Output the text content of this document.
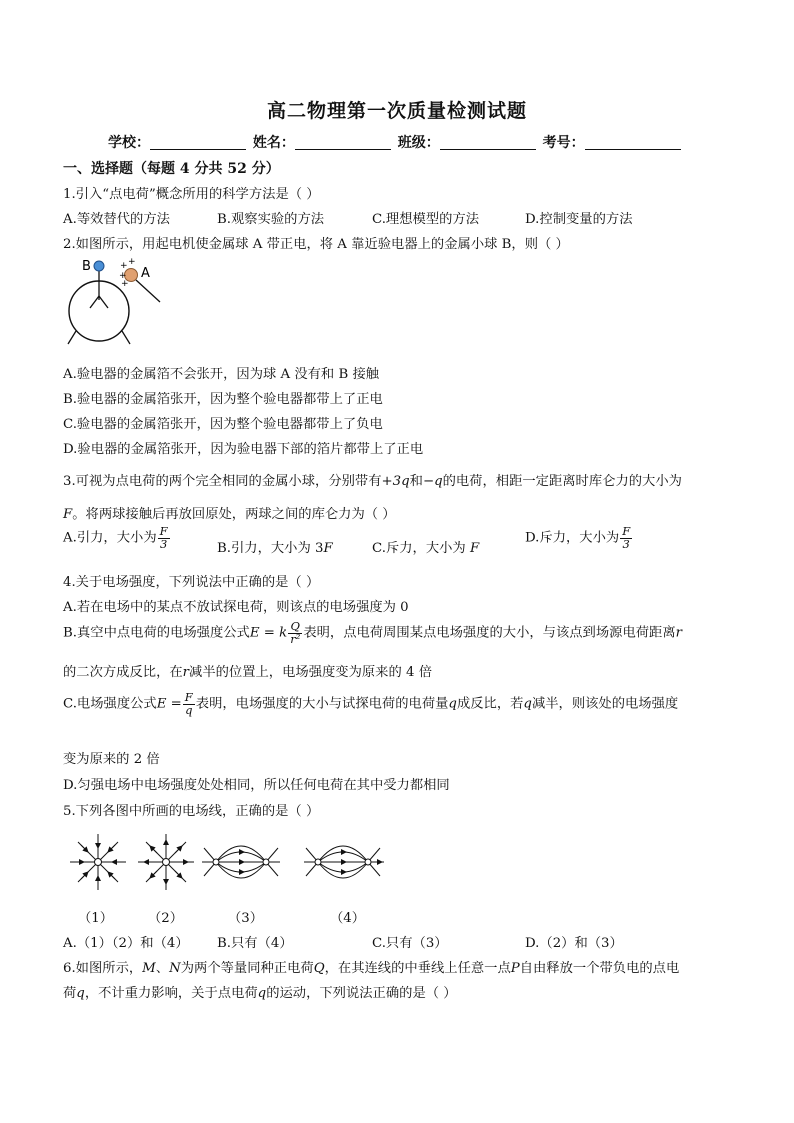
高二物理第一次质量检测试题
学校：	姓名：	班级：	考号：
一、选择题（每题 4 分共 52 分）
1.引入“点电荷”概念所用的科学方法是（ ）
A.等效替代的方法	B.观察实验的方法	C.理想模型的方法	D.控制变量的方法
2.如图所示，用起电机使金属球 A 带正电，将 A 靠近验电器上的金属小球 B，则（ ）
+ +
+
+
B	A
A.验电器的金属箔不会张开，因为球 A 没有和 B 接触
B.验电器的金属箔张开，因为整个验电器都带上了正电
C.验电器的金属箔张开，因为整个验电器都带上了负电
D.验电器的金属箔张开，因为验电器下部的箔片都带上了正电
3.可视为点电荷的两个完全相同的金属小球，分别带有+3q和−q的电荷，相距一定距离时库仑力的大小为
F。将两球接触后再放回原处，两球之间的库仑力为（ ）
A.引力，大小为 $\frac{F}{3}$	B.引力，大小为 3F	C.斥力，大小为 F
D.斥力，大小为 $\frac{F}{3}$
4.关于电场强度，下列说法中正确的是（ ）
A.若在电场中的某点不放试探电荷，则该点的电场强度为 0
B.真空中点电荷的电场强度公式E = k $\frac{Q}{\text{r²}}$ 表明，点电荷周围某点电场强度的大小，与该点到场源电荷距离r
的二次方成反比，在r减半的位置上，电场强度变为原来的 4 倍
C.电场强度公式$E = \frac{F}{q}$ 表明，电场强度的大小与试探电荷的电荷量q成反比，若q减半，则该处的电场强度
变为原来的 2 倍
D.匀强电场中电场强度处处相同，所以任何电荷在其中受力都相同
5.下列各图中所画的电场线，正确的是（ ）
（1）	（2）	（3）	（4）
A.（1）（2）和（4） B.只有（4）	C.只有（3）	D.（2）和（3）
6.如图所示，M、N为两个等量同种正电荷Q，在其连线的中垂线上任意一点P自由释放一个带负电的点电
荷q，不计重力影响，关于点电荷q的运动，下列说法正确的是（ ）
